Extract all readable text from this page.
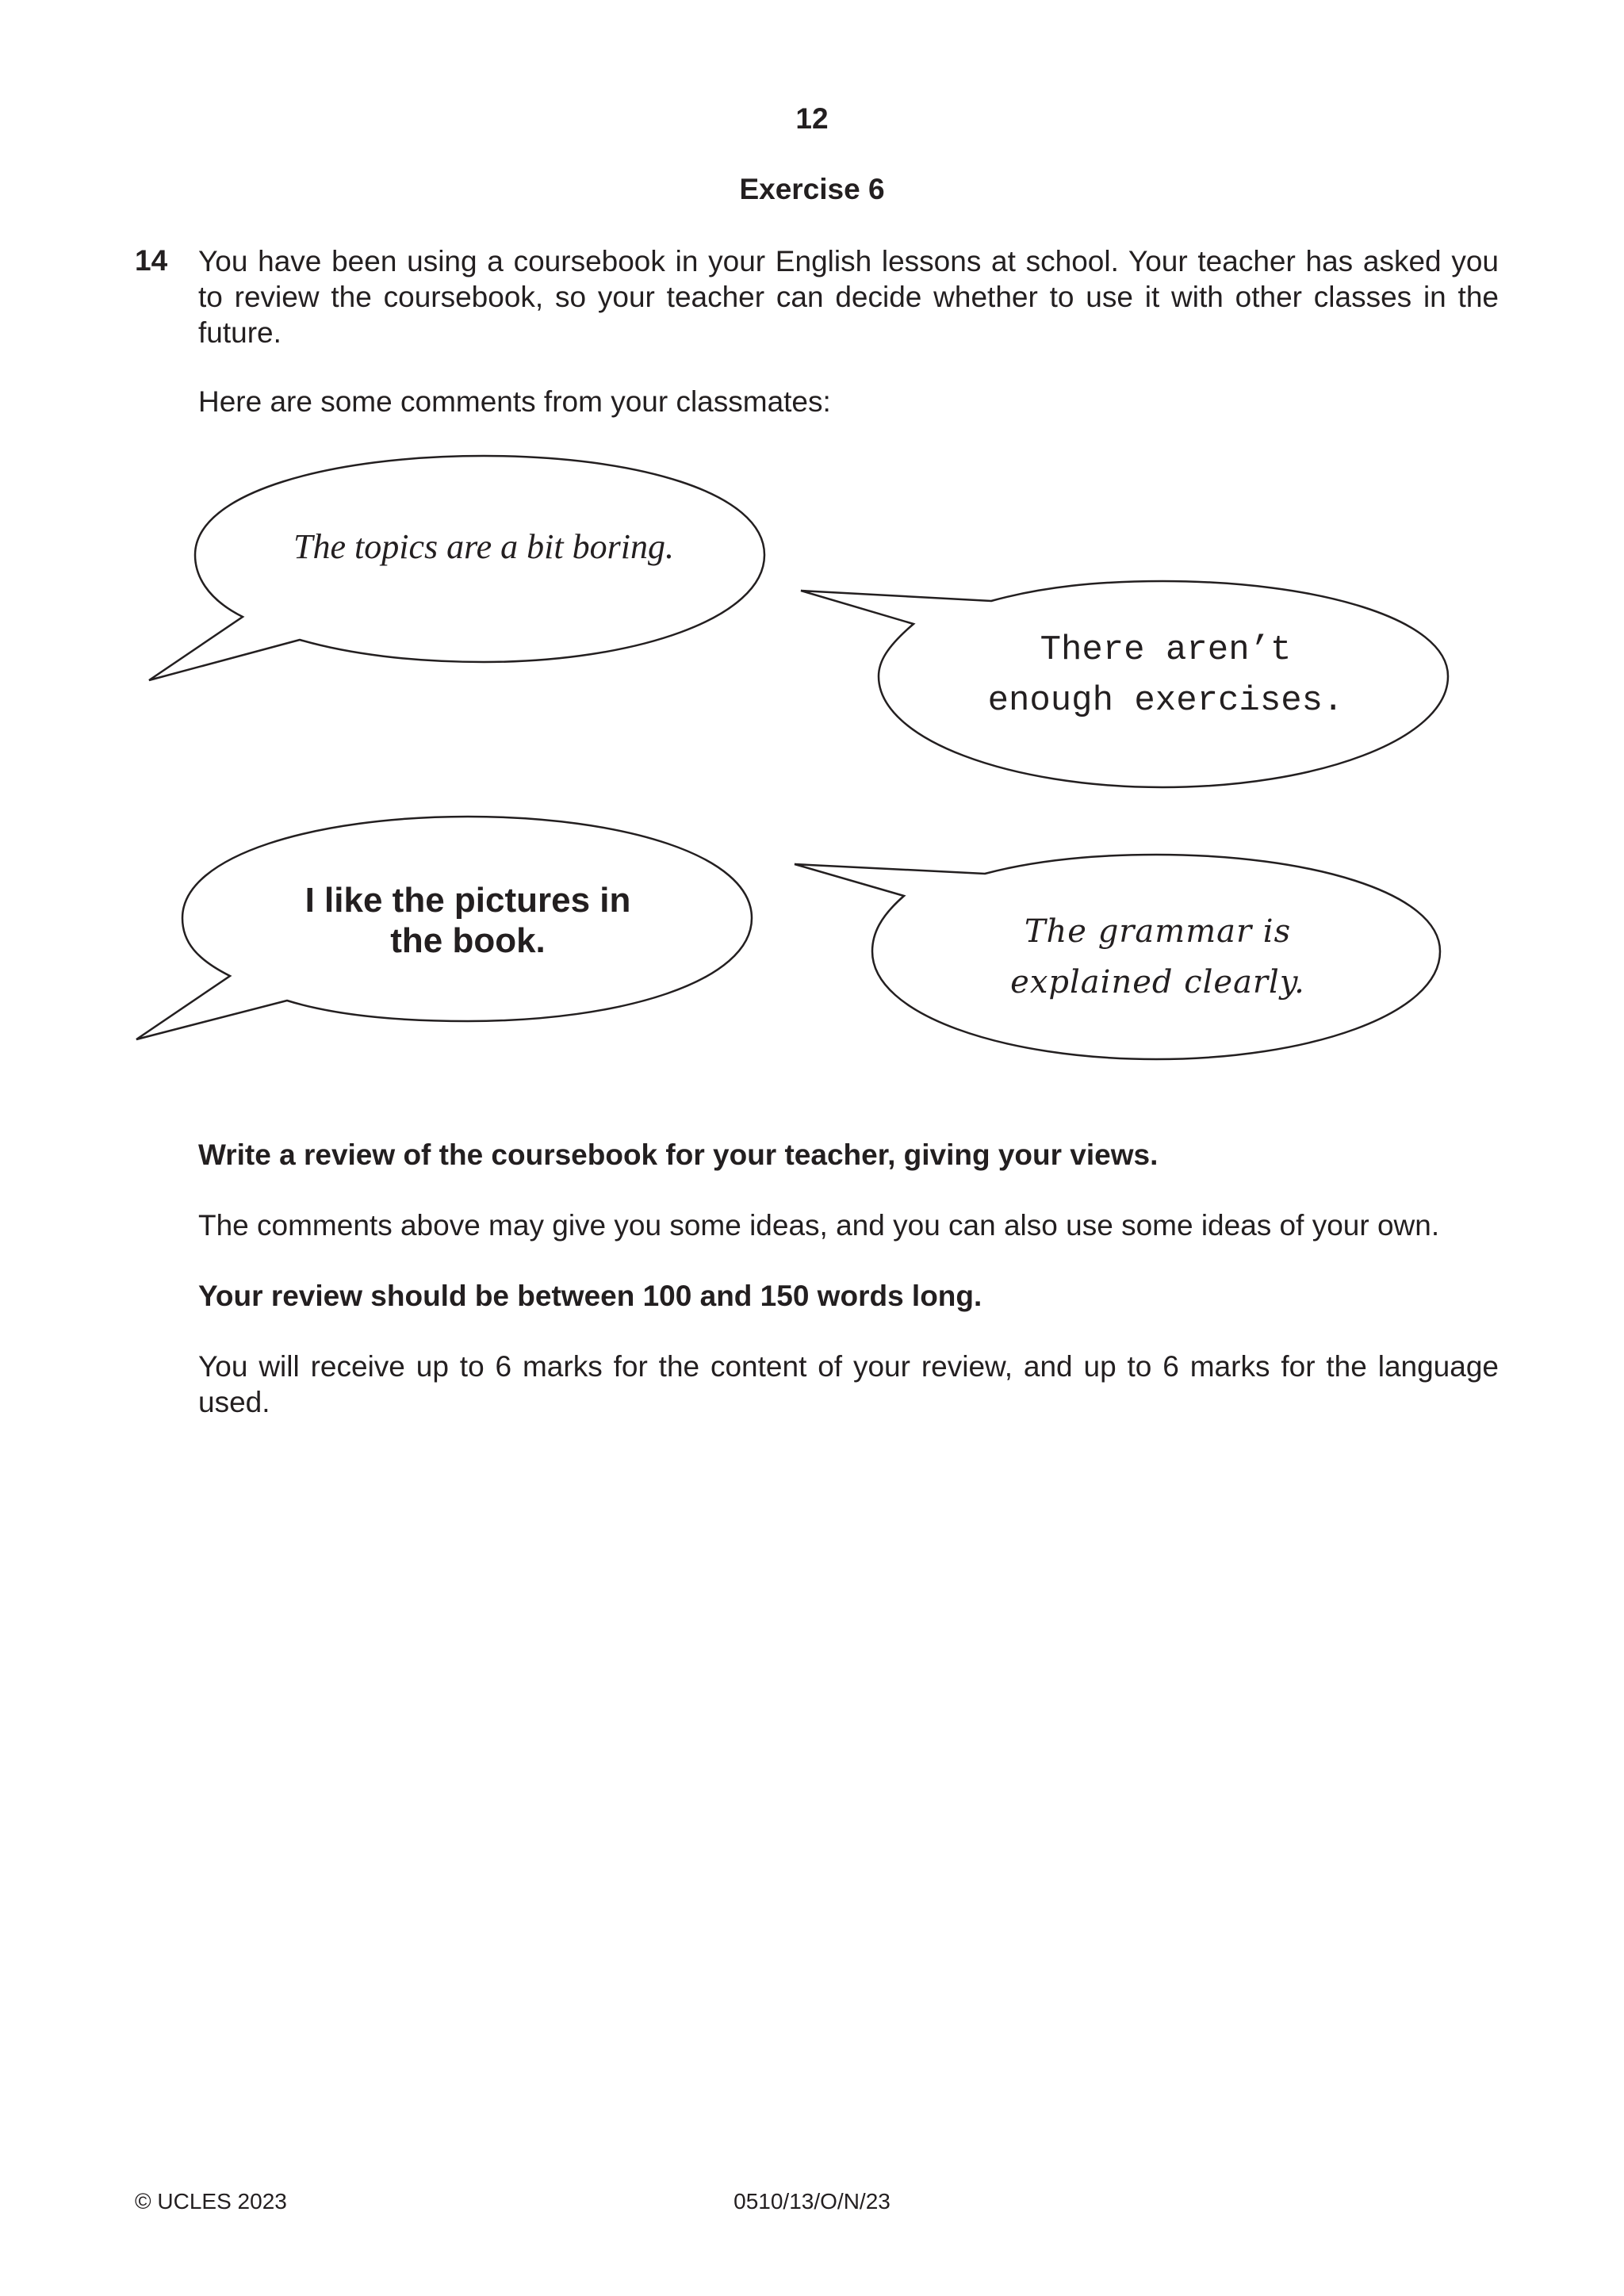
12
Exercise 6
14 You have been using a coursebook in your English lessons at school. Your teacher has asked you to review the coursebook, so your teacher can decide whether to use it with other classes in the future.
Here are some comments from your classmates:
The topics are a bit boring.
There aren’t
enough exercises.
I like the pictures in
the book.	The grammar is
explained clearly.
Write a review of the coursebook for your teacher, giving your views.
The comments above may give you some ideas, and you can also use some ideas of your own.
Your review should be between 100 and 150 words long.
You will receive up to 6 marks for the content of your review, and up to 6 marks for the language used.
© UCLES 2023	0510/13/O/N/23
